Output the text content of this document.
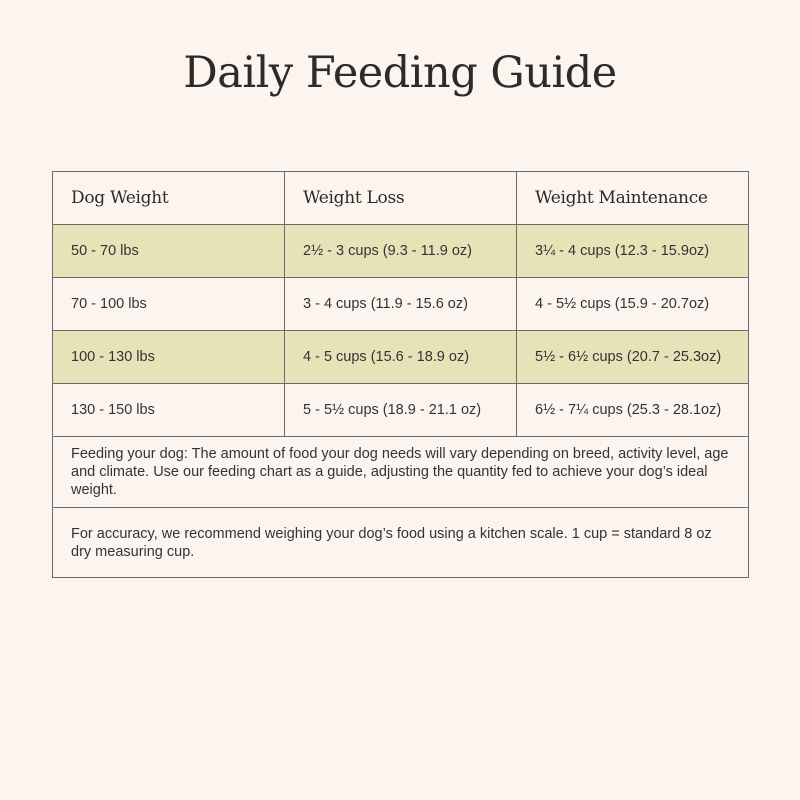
Daily Feeding Guide
Dog Weight	Weight Loss	Weight Maintenance
50 - 70 lbs	2½ - 3 cups (9.3 - 11.9 oz)	3¼ - 4 cups (12.3 - 15.9oz)
70 - 100 lbs	3 - 4 cups (11.9 - 15.6 oz)	4 - 5½ cups (15.9 - 20.7oz)
100 - 130 lbs	4 - 5 cups (15.6 - 18.9 oz)	5½ - 6½ cups (20.7 - 25.3oz)
130 - 150 lbs	5 - 5½ cups (18.9 - 21.1 oz)	6½ - 7¼ cups (25.3 - 28.1oz)
Feeding your dog: The amount of food your dog needs will vary depending on breed, activity level, age and climate. Use our feeding chart as a guide, adjusting the quantity fed to achieve your dog’s ideal weight.		
For accuracy, we recommend weighing your dog’s food using a kitchen scale. 1 cup = standard 8 oz dry measuring cup.		
